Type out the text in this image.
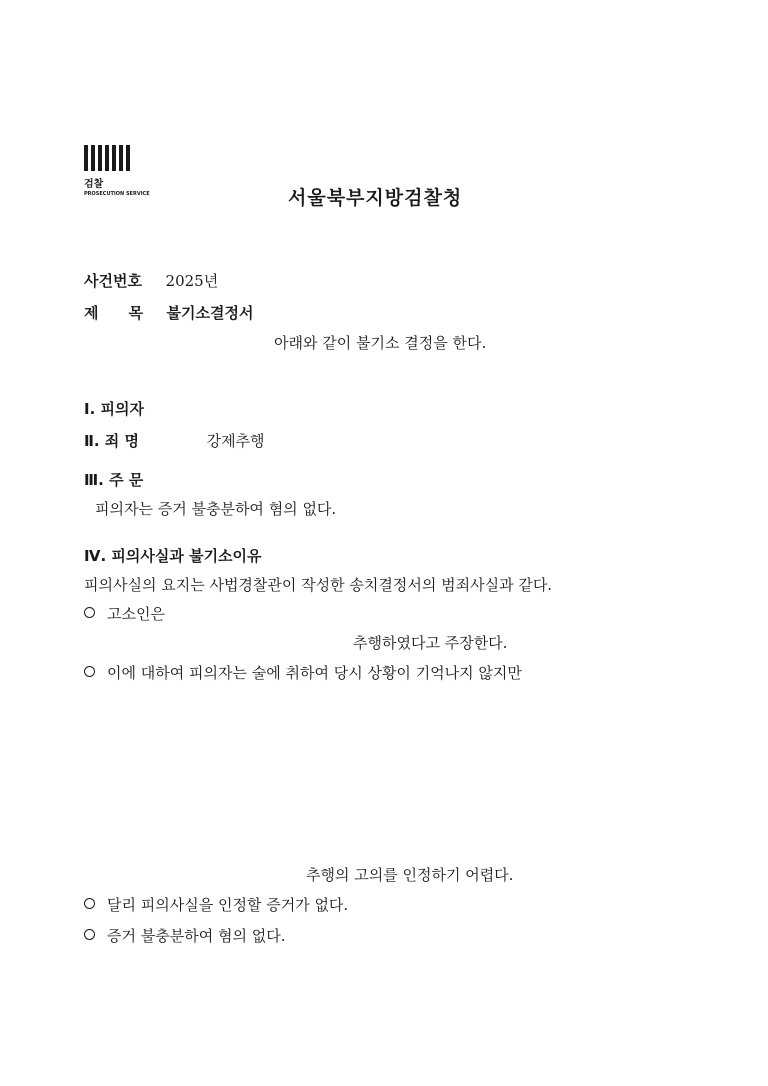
검찰
PROSECUTION SERVICE	서울북부지방검찰청
사건번호 2025년
제　　목 불기소결정서
아래와 같이 불기소 결정을 한다.
Ⅰ. 피의자
Ⅱ. 죄 명	강제추행
Ⅲ. 주 문
피의자는 증거 불충분하여 혐의 없다.
Ⅳ. 피의사실과 불기소이유
피의사실의 요지는 사법경찰관이 작성한 송치결정서의 범죄사실과 같다.
고소인은
추행하였다고 주장한다.
이에 대하여 피의자는 술에 취하여 당시 상황이 기억나지 않지만
추행의 고의를 인정하기 어렵다.
달리 피의사실을 인정할 증거가 없다.
증거 불충분하여 혐의 없다.
